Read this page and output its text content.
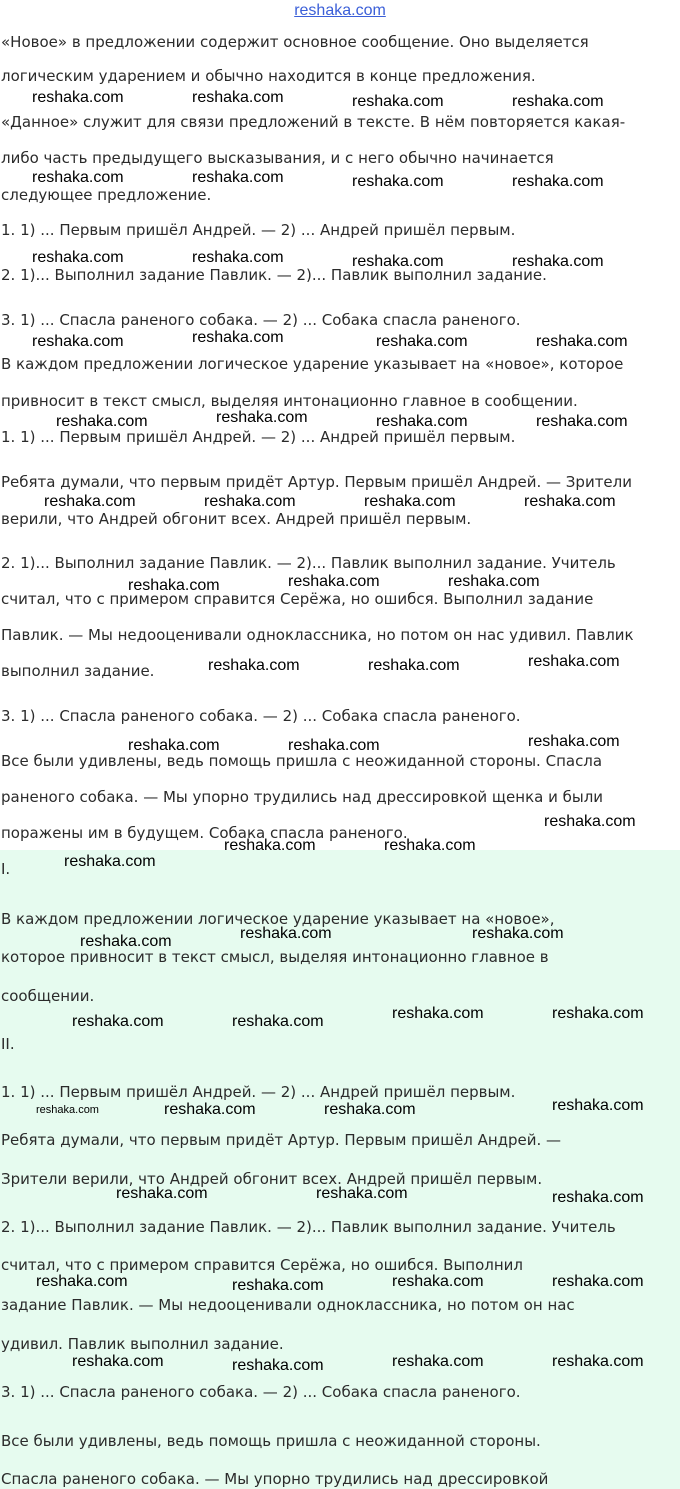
reshaka.com
«Новое» в предложении содержит основное сообщение. Оно выделяется
логическим ударением и обычно находится в конце предложения.
«Данное» служит для связи предложений в тексте. В нём повторяется какая-
либо часть предыдущего высказывания, и с него обычно начинается
следующее предложение.
1. 1) ... Первым пришёл Андрей. — 2) ... Андрей пришёл первым.
2. 1)... Выполнил задание Павлик. — 2)... Павлик выполнил задание.
3. 1) ... Спасла раненого собака. — 2) ... Собака спасла раненого.
В каждом предложении логическое ударение указывает на «новое», которое
привносит в текст смысл, выделяя интонационно главное в сообщении.
1. 1) ... Первым пришёл Андрей. — 2) ... Андрей пришёл первым.
Ребята думали, что первым придёт Артур. Первым пришёл Андрей. — Зрители
верили, что Андрей обгонит всех. Андрей пришёл первым.
2. 1)... Выполнил задание Павлик. — 2)... Павлик выполнил задание. Учитель
считал, что с примером справится Серёжа, но ошибся. Выполнил задание
Павлик. — Мы недооценивали одноклассника, но потом он нас удивил. Павлик
выполнил задание.
3. 1) ... Спасла раненого собака. — 2) ... Собака спасла раненого.
Все были удивлены, ведь помощь пришла с неожиданной стороны. Спасла
раненого собака. — Мы упорно трудились над дрессировкой щенка и были
поражены им в будущем. Собака спасла раненого.
I.
В каждом предложении логическое ударение указывает на «новое»,
которое привносит в текст смысл, выделяя интонационно главное в
сообщении.
II.
1. 1) ... Первым пришёл Андрей. — 2) ... Андрей пришёл первым.
Ребята думали, что первым придёт Артур. Первым пришёл Андрей. —
Зрители верили, что Андрей обгонит всех. Андрей пришёл первым.
2. 1)... Выполнил задание Павлик. — 2)... Павлик выполнил задание. Учитель
считал, что с примером справится Серёжа, но ошибся. Выполнил
задание Павлик. — Мы недооценивали одноклассника, но потом он нас
удивил. Павлик выполнил задание.
3. 1) ... Спасла раненого собака. — 2) ... Собака спасла раненого.
Все были удивлены, ведь помощь пришла с неожиданной стороны.
Спасла раненого собака. — Мы упорно трудились над дрессировкой
reshaka.com	reshaka.com	reshaka.com	reshaka.com
reshaka.com	reshaka.com	reshaka.com	reshaka.com
reshaka.com	reshaka.com	reshaka.com	reshaka.com
reshaka.com	reshaka.com	reshaka.com	reshaka.com
reshaka.com	reshaka.com	reshaka.com	reshaka.com
reshaka.com	reshaka.com	reshaka.com	reshaka.com
reshaka.com	reshaka.com	reshaka.com
reshaka.com	reshaka.com	reshaka.com
reshaka.com	reshaka.com	reshaka.com
reshaka.com
reshaka.com	reshaka.com
reshaka.com
reshaka.com	reshaka.com	reshaka.com
reshaka.com	reshaka.com	reshaka.com	reshaka.com
reshaka.com	reshaka.com	reshaka.com	reshaka.com
reshaka.com	reshaka.com	reshaka.com
reshaka.com	reshaka.com	reshaka.com	reshaka.com
reshaka.com	reshaka.com	reshaka.com	reshaka.com
